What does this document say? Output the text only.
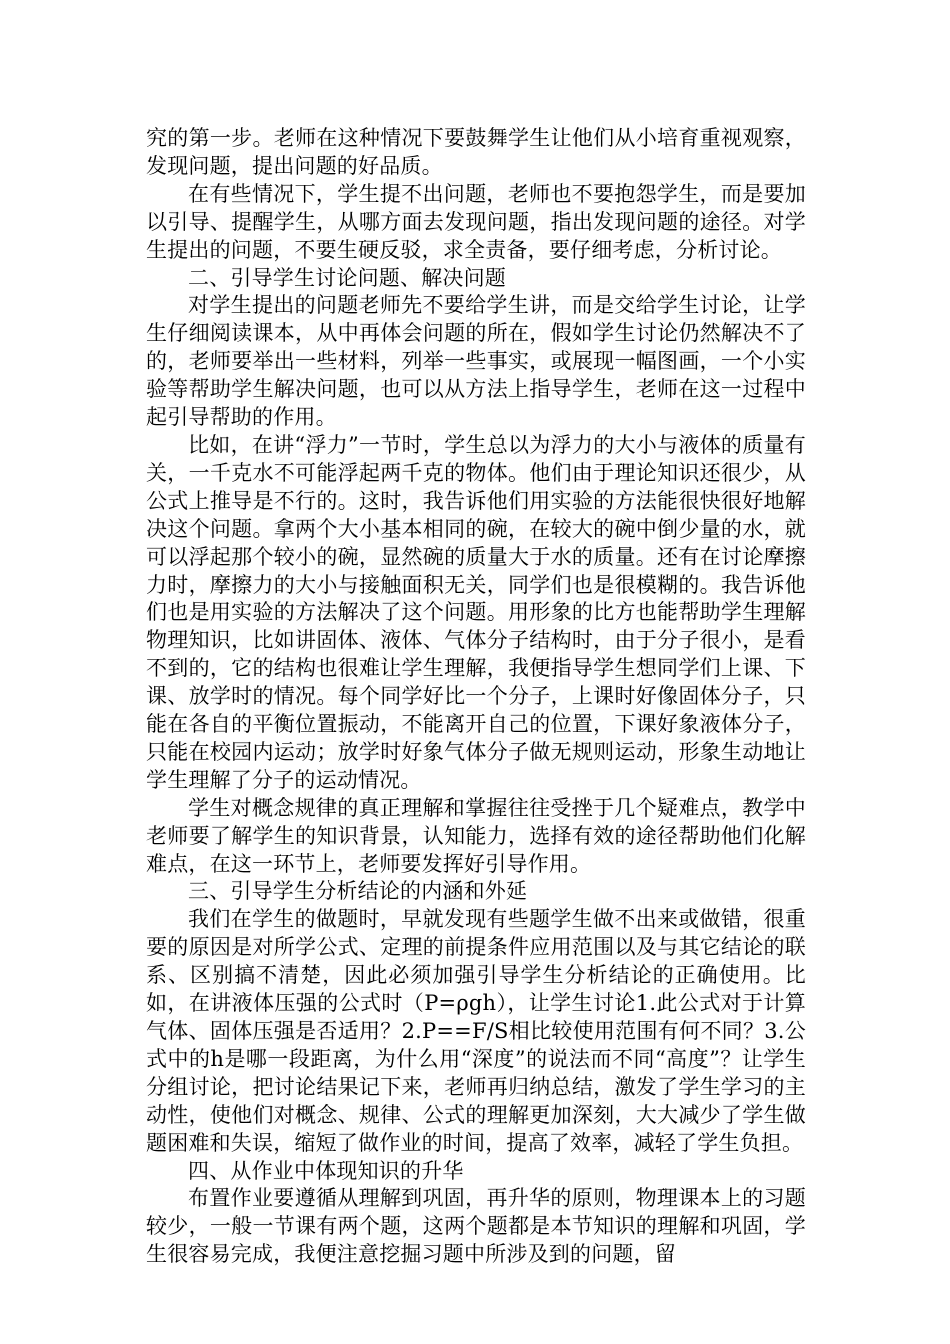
究的第一步。老师在这种情况下要鼓舞学生让他们从小培育重视观察，发现问题，提出问题的好品质。

在有些情况下，学生提不出问题，老师也不要抱怨学生，而是要加以引导、提醒学生，从哪方面去发现问题，指出发现问题的途径。对学生提出的问题，不要生硬反驳，求全责备，要仔细考虑，分析讨论。

二、引导学生讨论问题、解决问题

对学生提出的问题老师先不要给学生讲，而是交给学生讨论，让学生仔细阅读课本，从中再体会问题的所在，假如学生讨论仍然解决不了的，老师要举出一些材料，列举一些事实，或展现一幅图画，一个小实验等帮助学生解决问题，也可以从方法上指导学生，老师在这一过程中起引导帮助的作用。

比如，在讲“浮力”一节时，学生总以为浮力的大小与液体的质量有关，一千克水不可能浮起两千克的物体。他们由于理论知识还很少，从公式上推导是不行的。这时，我告诉他们用实验的方法能很快很好地解决这个问题。拿两个大小基本相同的碗，在较大的碗中倒少量的水，就可以浮起那个较小的碗，显然碗的质量大于水的质量。还有在讨论摩擦力时，摩擦力的大小与接触面积无关，同学们也是很模糊的。我告诉他们也是用实验的方法解决了这个问题。用形象的比方也能帮助学生理解物理知识，比如讲固体、液体、气体分子结构时，由于分子很小，是看不到的，它的结构也很难让学生理解，我便指导学生想同学们上课、下课、放学时的情况。每个同学好比一个分子，上课时好像固体分子，只能在各自的平衡位置振动，不能离开自己的位置，下课好象液体分子，只能在校园内运动；放学时好象气体分子做无规则运动，形象生动地让学生理解了分子的运动情况。

学生对概念规律的真正理解和掌握往往受挫于几个疑难点，教学中老师要了解学生的知识背景，认知能力，选择有效的途径帮助他们化解难点，在这一环节上，老师要发挥好引导作用。

三、引导学生分析结论的内涵和外延

我们在学生的做题时，早就发现有些题学生做不出来或做错，很重要的原因是对所学公式、定理的前提条件应用范围以及与其它结论的联系、区别搞不清楚，因此必须加强引导学生分析结论的正确使用。比如，在讲液体压强的公式时（P=ρgh），让学生讨论1.此公式对于计算气体、固体压强是否适用？2.P==F/S相比较使用范围有何不同？3.公式中的h是哪一段距离，为什么用“深度”的说法而不同“高度”？让学生分组讨论，把讨论结果记下来，老师再归纳总结，激发了学生学习的主动性，使他们对概念、规律、公式的理解更加深刻，大大减少了学生做题困难和失误，缩短了做作业的时间，提高了效率，减轻了学生负担。

四、从作业中体现知识的升华

布置作业要遵循从理解到巩固，再升华的原则，物理课本上的习题较少，一般一节课有两个题，这两个题都是本节知识的理解和巩固，学生很容易完成，我便注意挖掘习题中所涉及到的问题，留
